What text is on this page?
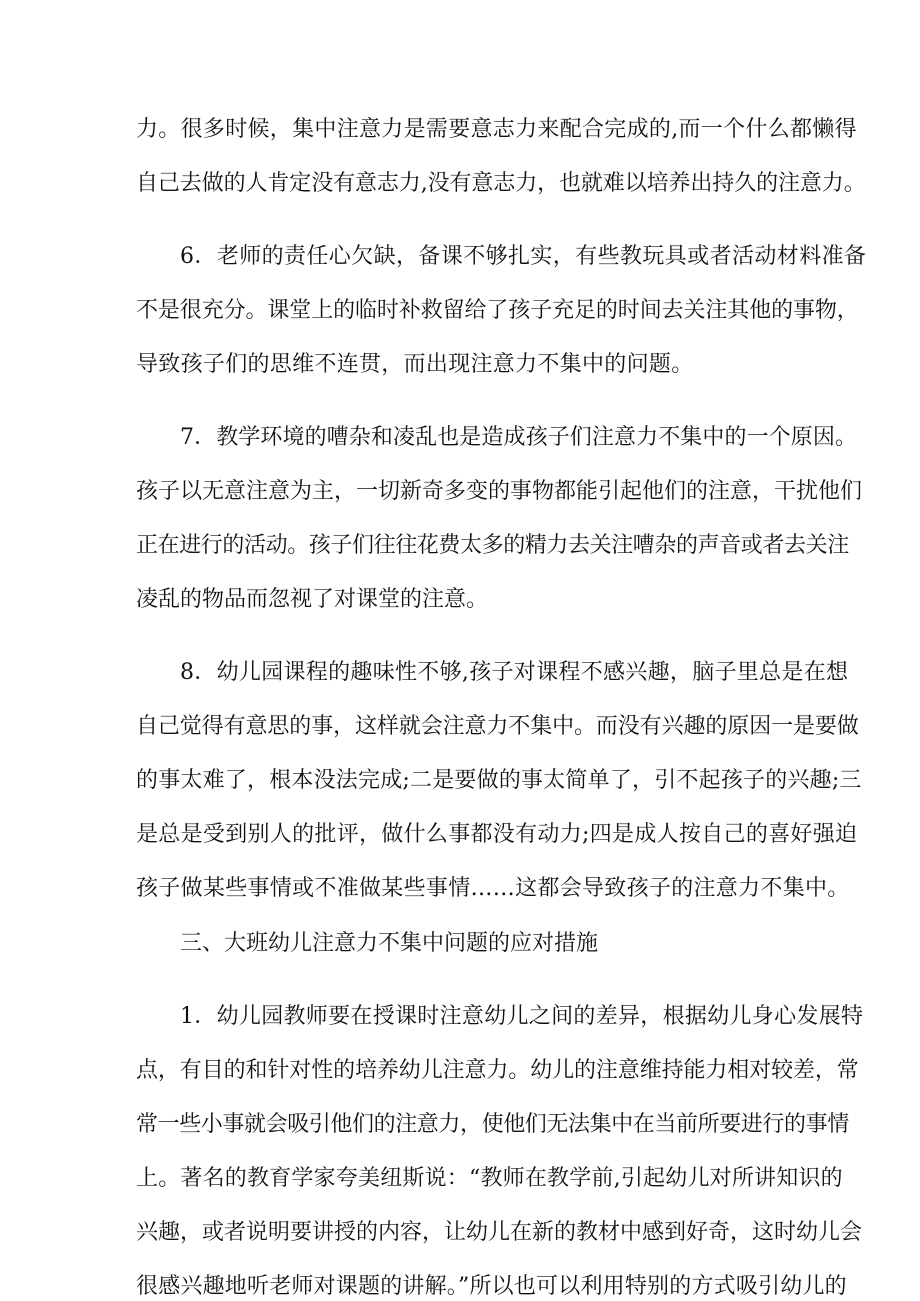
力。很多时候，集中注意力是需要意志力来配合完成的,而一个什么都懒得
自己去做的人肯定没有意志力,没有意志力，也就难以培养出持久的注意力。
6．老师的责任心欠缺，备课不够扎实，有些教玩具或者活动材料准备
不是很充分。课堂上的临时补救留给了孩子充足的时间去关注其他的事物，
导致孩子们的思维不连贯，而出现注意力不集中的问题。
7．教学环境的嘈杂和凌乱也是造成孩子们注意力不集中的一个原因。
孩子以无意注意为主，一切新奇多变的事物都能引起他们的注意，干扰他们
正在进行的活动。孩子们往往花费太多的精力去关注嘈杂的声音或者去关注
凌乱的物品而忽视了对课堂的注意。
8．幼儿园课程的趣味性不够,孩子对课程不感兴趣，脑子里总是在想
自己觉得有意思的事，这样就会注意力不集中。而没有兴趣的原因一是要做
的事太难了，根本没法完成;二是要做的事太简单了，引不起孩子的兴趣;三
是总是受到别人的批评，做什么事都没有动力;四是成人按自己的喜好强迫
孩子做某些事情或不准做某些事情……这都会导致孩子的注意力不集中。
三、大班幼儿注意力不集中问题的应对措施
1．幼儿园教师要在授课时注意幼儿之间的差异，根据幼儿身心发展特
点，有目的和针对性的培养幼儿注意力。幼儿的注意维持能力相对较差，常
常一些小事就会吸引他们的注意力，使他们无法集中在当前所要进行的事情
上。著名的教育学家夸美纽斯说：“教师在教学前,引起幼儿对所讲知识的
兴趣，或者说明要讲授的内容，让幼儿在新的教材中感到好奇，这时幼儿会
很感兴趣地听老师对课题的讲解。”所以也可以利用特别的方式吸引幼儿的
